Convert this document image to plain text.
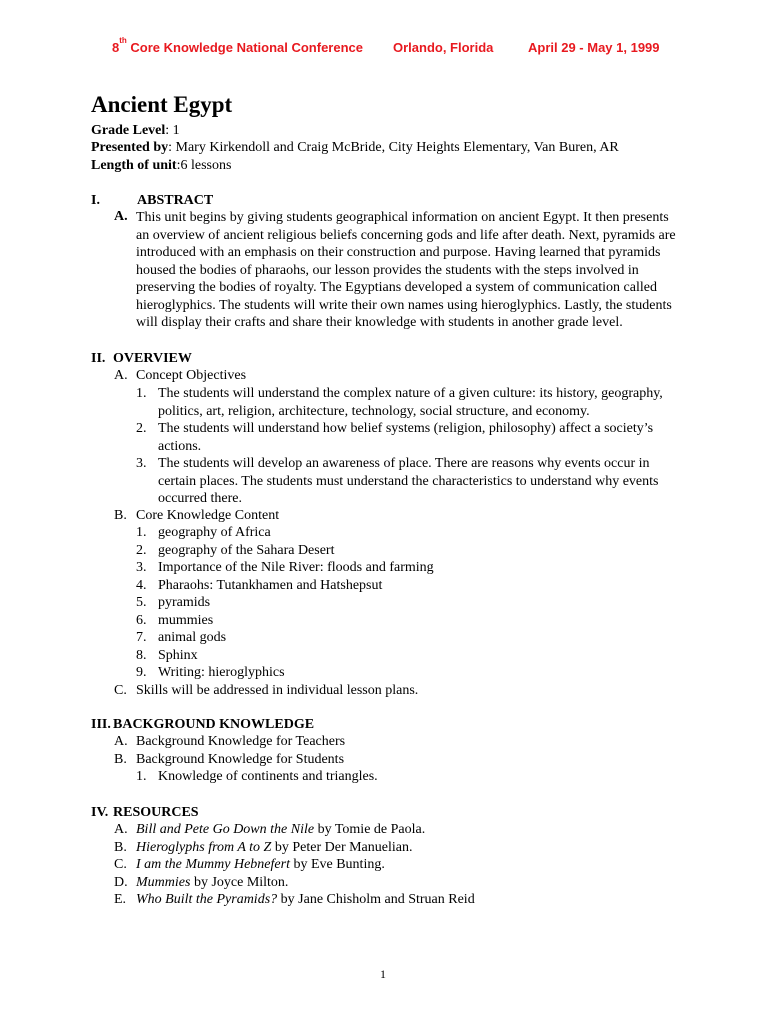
8th Core Knowledge National Conference Orlando, Florida	April 29 - May 1, 1999
Ancient Egypt
Grade Level: 1
Presented by: Mary Kirkendoll and Craig McBride, City Heights Elementary, Van Buren, AR
Length of unit:6 lessons
I.	ABSTRACT
A. This unit begins by giving students geographical information on ancient Egypt. It then presents an overview of ancient religious beliefs concerning gods and life after death. Next, pyramids are introduced with an emphasis on their construction and purpose. Having learned that pyramids housed the bodies of pharaohs, our lesson provides the students with the steps involved in preserving the bodies of royalty. The Egyptians developed a system of communication called hieroglyphics. The students will write their own names using hieroglyphics. Lastly, the students will display their crafts and share their knowledge with students in another grade level.
II. OVERVIEW
A. Concept Objectives
1. The students will understand the complex nature of a given culture: its history, geography,
politics, art, religion, architecture, technology, social structure, and economy.
2. The students will understand how belief systems (religion, philosophy) affect a society’s
actions.
3. The students will develop an awareness of place. There are reasons why events occur in
certain places. The students must understand the characteristics to understand why events
occurred there.
B. Core Knowledge Content
1. geography of Africa
2. geography of the Sahara Desert
3. Importance of the Nile River: floods and farming
4. Pharaohs: Tutankhamen and Hatshepsut
5. pyramids
6. mummies
7. animal gods
8. Sphinx
9. Writing: hieroglyphics
C. Skills will be addressed in individual lesson plans.
III. BACKGROUND KNOWLEDGE
A. Background Knowledge for Teachers
B. Background Knowledge for Students
1. Knowledge of continents and triangles.
IV. RESOURCES
A. Bill and Pete Go Down the Nile by Tomie de Paola.
B. Hieroglyphs from A to Z by Peter Der Manuelian.
C. I am the Mummy Hebnefert by Eve Bunting.
D. Mummies by Joyce Milton.
E. Who Built the Pyramids? by Jane Chisholm and Struan Reid
1
